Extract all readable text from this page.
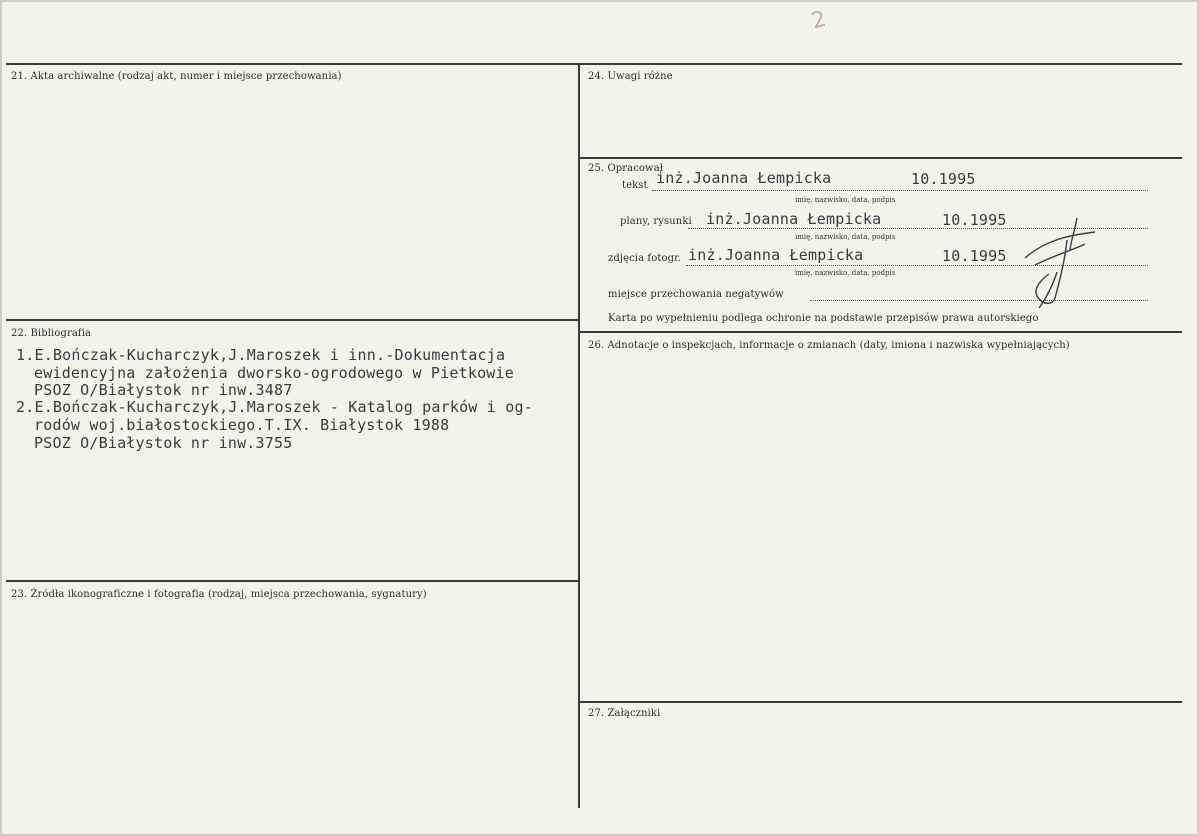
2
21. Akta archiwalne (rodzaj akt, numer i miejsce przechowania)
22. Bibliografia
1.E.Bończak-Kucharczyk,J.Maroszek i inn.-Dokumentacja
ewidencyjna założenia dworsko-ogrodowego w Pietkowie
PSOZ O/Białystok nr inw.3487
2.E.Bończak-Kucharczyk,J.Maroszek - Katalog parków i og-
rodów woj.białostockiego.T.IX. Białystok 1988
PSOZ O/Białystok nr inw.3755
23. Źródła ikonograficzne i fotografia (rodzaj, miejsca przechowania, sygnatury)
24. Uwagi różne
25. Opracował
tekst inż.Joanna Łempicka	10.1995
imię, nazwisko, data, podpis
plany, rysunki inż.Joanna Łempicka	10.1995
imię, nazwisko, data, podpis
zdjęcia fotogr. inż.Joanna Łempicka	10.1995
imię, nazwisko, data, podpis
miejsce przechowania negatywów
Karta po wypełnieniu podlega ochronie na podstawie przepisów prawa autorskiego
26. Adnotacje o inspekcjach, informacje o zmianach (daty, imiona i nazwiska wypełniających)
27. Załączniki
